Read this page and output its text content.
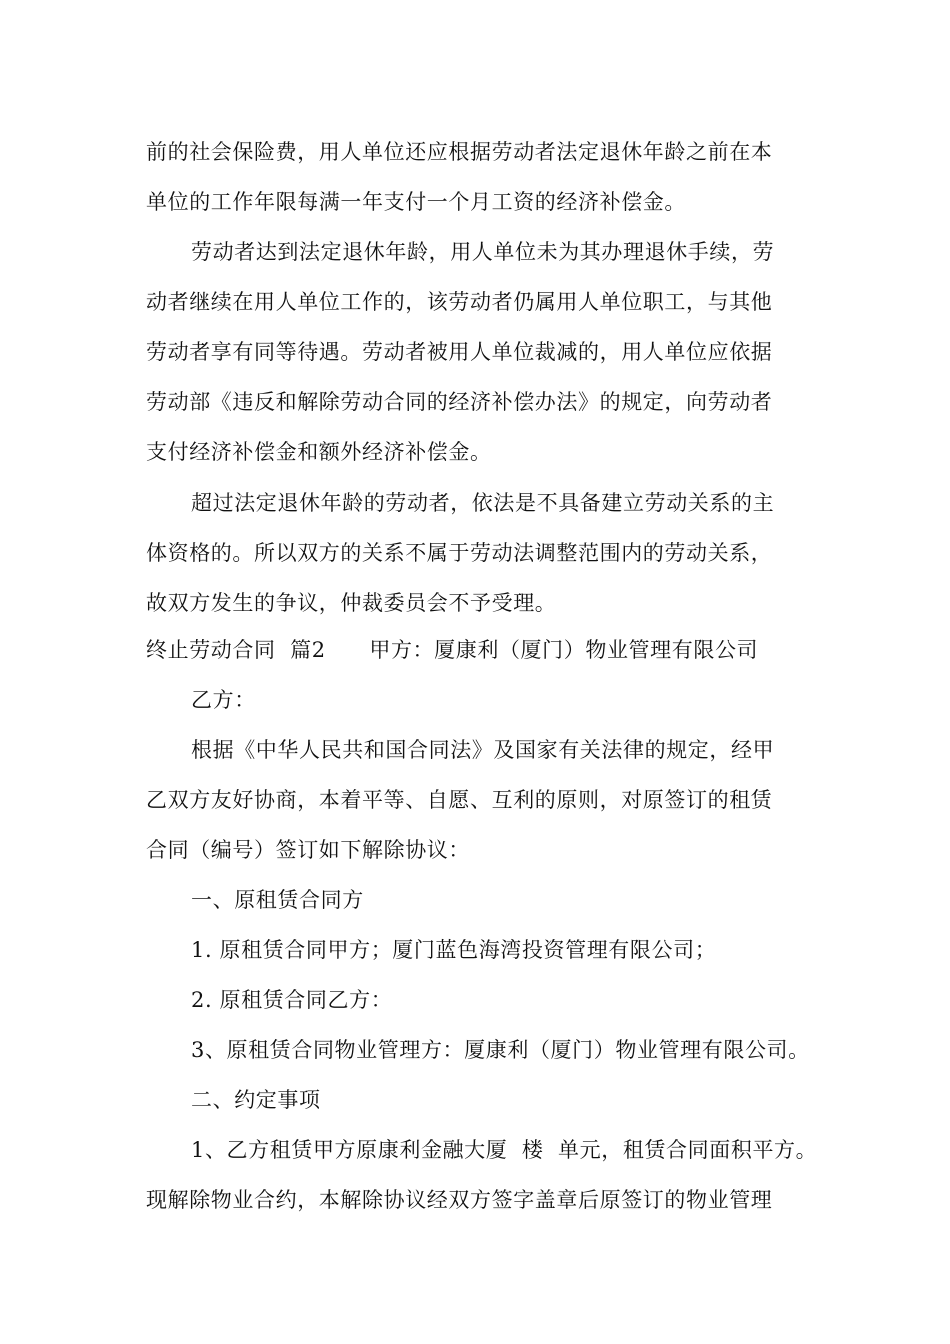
前的社会保险费，用人单位还应根据劳动者法定退休年龄之前在本
单位的工作年限每满一年支付一个月工资的经济补偿金。
劳动者达到法定退休年龄，用人单位未为其办理退休手续，劳
动者继续在用人单位工作的，该劳动者仍属用人单位职工，与其他
劳动者享有同等待遇。劳动者被用人单位裁减的，用人单位应依据
劳动部《违反和解除劳动合同的经济补偿办法》的规定，向劳动者
支付经济补偿金和额外经济补偿金。
超过法定退休年龄的劳动者，依法是不具备建立劳动关系的主
体资格的。所以双方的关系不属于劳动法调整范围内的劳动关系，
故双方发生的争议，仲裁委员会不予受理。
终止劳动合同  篇2      甲方：厦康利（厦门）物业管理有限公司
乙方：
根据《中华人民共和国合同法》及国家有关法律的规定，经甲
乙双方友好协商，本着平等、自愿、互利的原则，对原签订的租赁
合同（编号）签订如下解除协议：
一、原租赁合同方
1. 原租赁合同甲方；厦门蓝色海湾投资管理有限公司；
2. 原租赁合同乙方：
3、原租赁合同物业管理方：厦康利（厦门）物业管理有限公司。
二、约定事项
1、乙方租赁甲方原康利金融大厦  楼  单元，租赁合同面积平方。
现解除物业合约，本解除协议经双方签字盖章后原签订的物业管理
